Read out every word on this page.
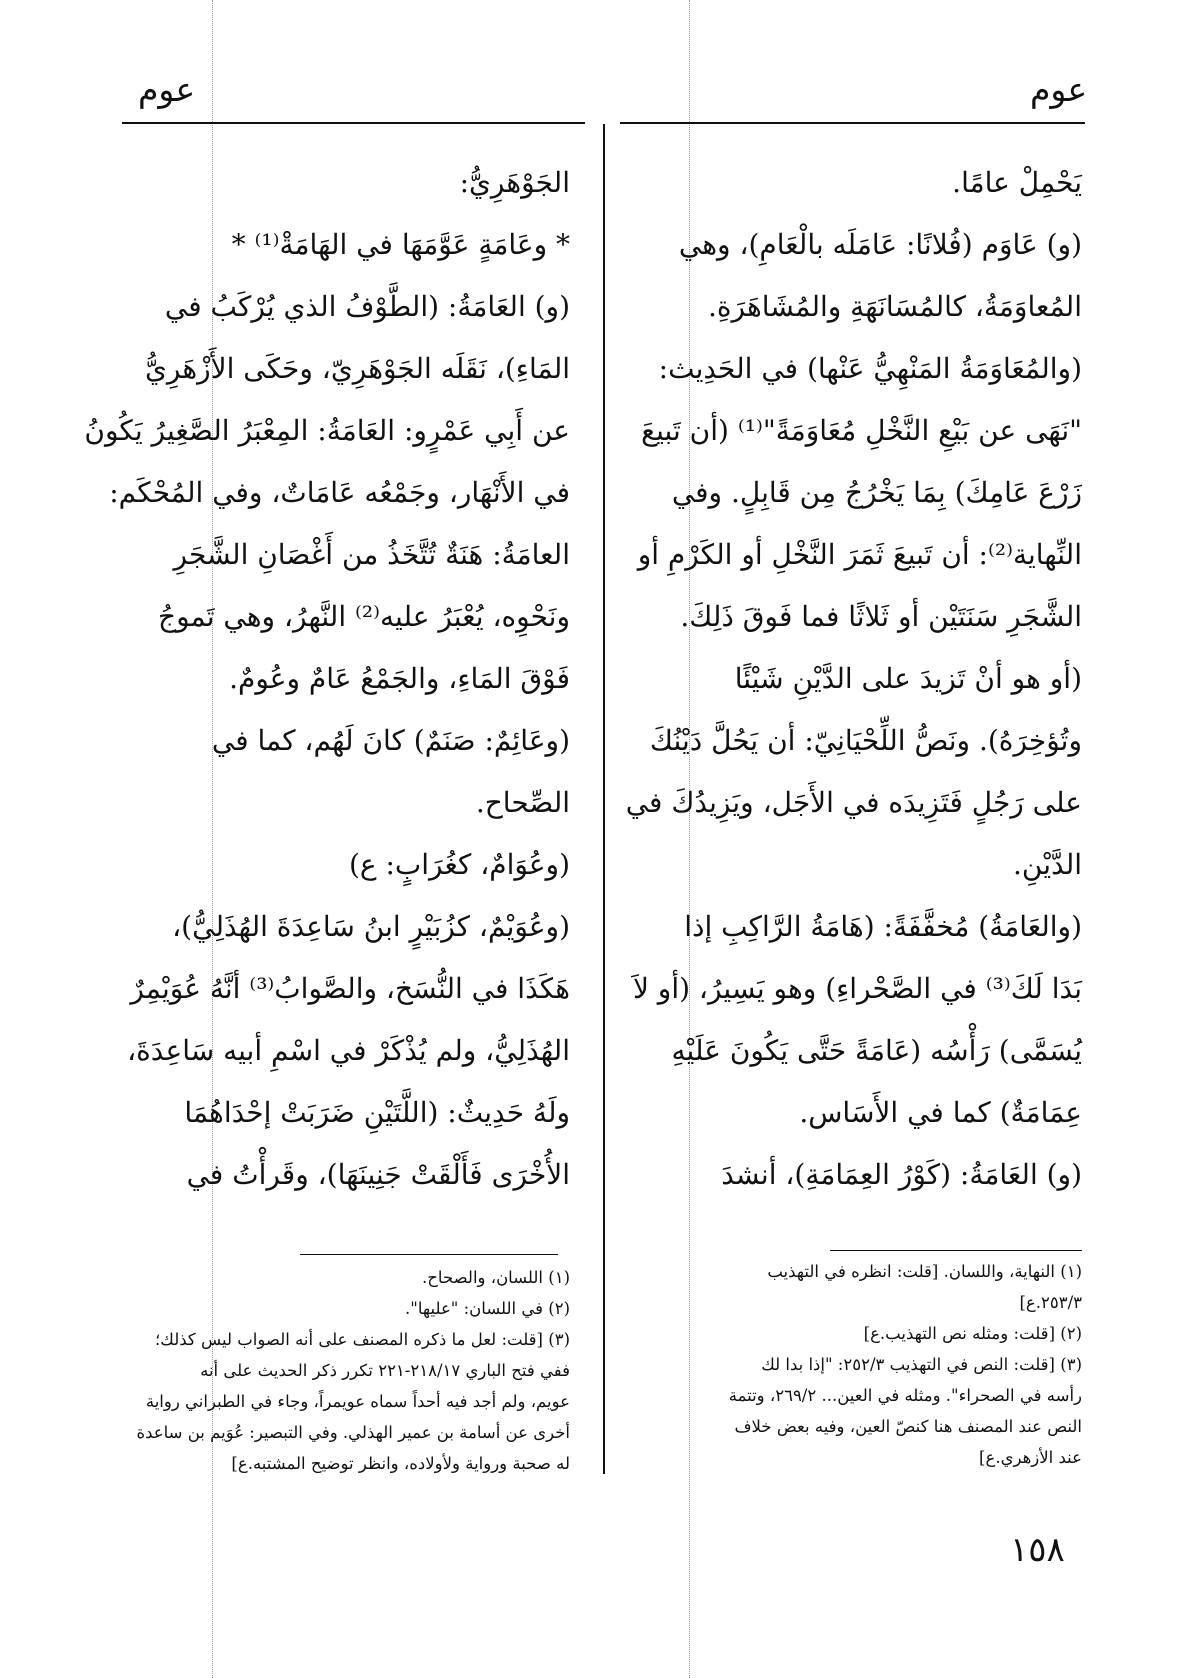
عوم	عوم
يَحْمِلْ عامًا.
(و) عَاوَم (فُلانًا: عَامَلَه بالْعَامِ)، وهي
المُعاوَمَةُ، كالمُسَانَهَةِ والمُشَاهَرَةِ.
(والمُعَاوَمَةُ المَنْهِيُّ عَنْها) في الحَدِيث:
"نَهَى عن بَيْعِ النَّخْلِ مُعَاوَمَةً"⁽¹⁾ (أن تَبيعَ
زَرْعَ عَامِكَ) بِمَا يَخْرُجُ مِن قَابِلٍ. وفي
النِّهاية⁽²⁾: أن تَبيعَ ثَمَرَ النَّخْلِ أو الكَرْمِ أو
الشَّجَرِ سَنَتَيْن أو ثَلاثًا فما فَوقَ ذَلِكَ.
(أو هو أنْ تَزيدَ على الدَّيْنِ شَيْئًا
وتُؤخِرَهُ). ونَصُّ اللِّحْيَانِيّ: أن يَحُلَّ دَيْنُكَ
على رَجُلٍ فَتَزِيدَه في الأَجَل، ويَزِيدُكَ في
الدَّيْنِ.
(والعَامَةُ) مُخفَّفَةً: (هَامَةُ الرَّاكِبِ إذا
بَدَا لَكَ⁽³⁾ في الصَّحْراءِ) وهو يَسِيرُ، (أو لاَ
يُسَمَّى) رَأْسُه (عَامَةً حَتَّى يَكُونَ عَلَيْهِ
عِمَامَةٌ) كما في الأَسَاس.
(و) العَامَةُ: (كَوْرُ العِمَامَةِ)، أنشدَ
(١) النهاية، واللسان. [قلت: انظره في التهذيب
٢٥٣/٣.ع]
(٢) [قلت: ومثله نص التهذيب.ع]
(٣) [قلت: النص في التهذيب ٢٥٢/٣: "إذا بدا لك
رأسه في الصحراء". ومثله في العين... ٢٦٩/٢، وتتمة
النص عند المصنف هنا كنصّ العين، وفيه بعض خلاف
عند الأزهري.ع]
الجَوْهَرِيُّ:
* وعَامَةٍ عَوَّمَهَا في الهَامَةْ⁽¹⁾ *
(و) العَامَةُ: (الطَّوْفُ الذي يُرْكَبُ في
المَاءِ)، نَقَلَه الجَوْهَرِيّ، وحَكَى الأَزْهَرِيُّ
عن أَبِي عَمْرٍو: العَامَةُ: المِعْبَرُ الصَّغِيرُ يَكُونُ
في الأَنْهَار، وجَمْعُه عَامَاتٌ، وفي المُحْكَم:
العامَةُ: هَنَةٌ تُتَّخَذُ من أَغْصَانِ الشَّجَرِ
ونَحْوِه، يُعْبَرُ عليه⁽²⁾ النَّهرُ، وهي تَموجُ
فَوْقَ المَاءِ، والجَمْعُ عَامٌ وعُومٌ.
(وعَائِمٌ: صَنَمٌ) كانَ لَهُم، كما في
الصِّحاح.
(وعُوَامٌ، كغُرَابٍ: ع)
(وعُوَيْمٌ، كزُبَيْرٍ ابنُ سَاعِدَةَ الهُذَلِيُّ)،
هَكَذَا في النُّسَخ، والصَّوابُ⁽³⁾ أنَّهُ عُوَيْمِرٌ
الهُذَلِيُّ، ولم يُذْكَرْ في اسْمِ أبيه سَاعِدَةَ،
ولَهُ حَدِيثٌ: (اللَّتَيْنِ ضَرَبَتْ إحْدَاهُمَا
الأُخْرَى فَأَلْقَتْ جَنِينَهَا)، وقَرأْتُ في
(١) اللسان، والصحاح.
(٢) في اللسان: "عليها".
(٣) [قلت: لعل ما ذكره المصنف على أنه الصواب ليس كذلك؛
ففي فتح الباري ٢١٨/١٧-٢٢١ تكرر ذكر الحديث على أنه
عويم، ولم أجد فيه أحداً سماه عويمراً، وجاء في الطبراني رواية
أخرى عن أسامة بن عمير الهذلي. وفي التبصير: عُوَيم بن ساعدة
له صحبة ورواية ولأولاده، وانظر توضيح المشتبه.ع]
١٥٨
